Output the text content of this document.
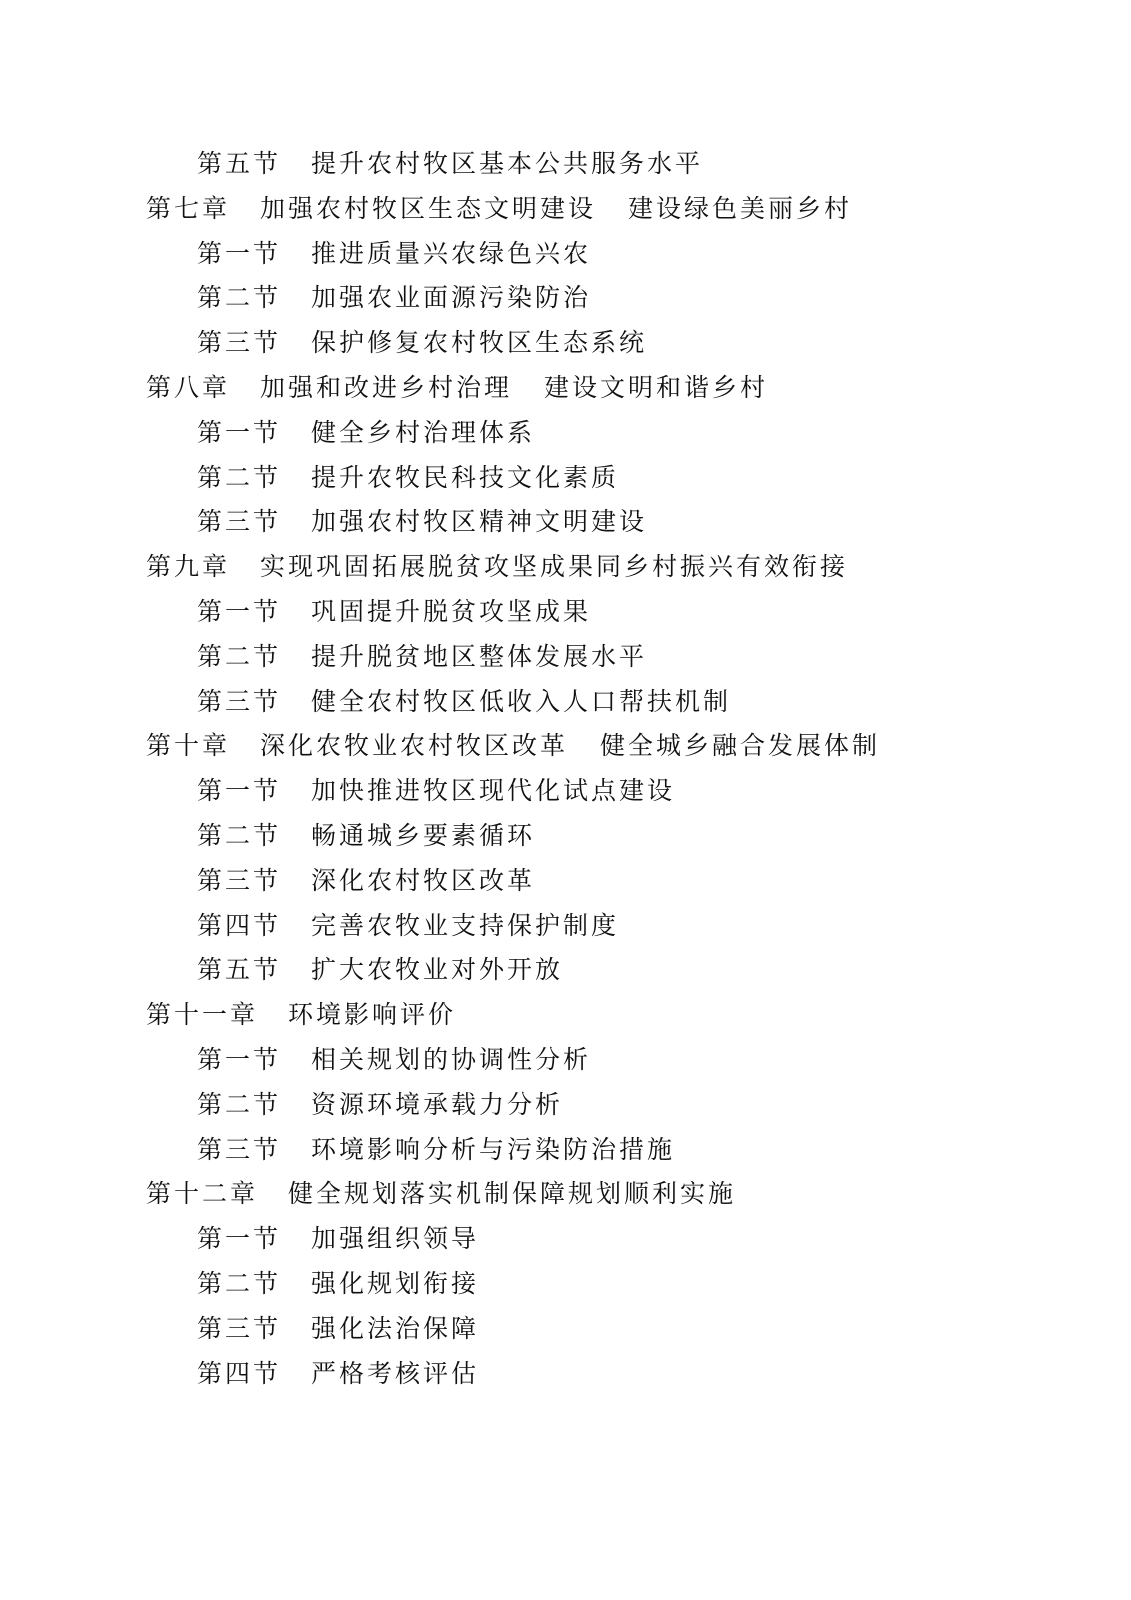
第五节 提升农村牧区基本公共服务水平
第七章 加强农村牧区生态文明建设 建设绿色美丽乡村
第一节 推进质量兴农绿色兴农
第二节 加强农业面源污染防治
第三节 保护修复农村牧区生态系统
第八章 加强和改进乡村治理 建设文明和谐乡村
第一节 健全乡村治理体系
第二节 提升农牧民科技文化素质
第三节 加强农村牧区精神文明建设
第九章 实现巩固拓展脱贫攻坚成果同乡村振兴有效衔接
第一节 巩固提升脱贫攻坚成果
第二节 提升脱贫地区整体发展水平
第三节 健全农村牧区低收入人口帮扶机制
第十章 深化农牧业农村牧区改革 健全城乡融合发展体制
第一节 加快推进牧区现代化试点建设
第二节 畅通城乡要素循环
第三节 深化农村牧区改革
第四节 完善农牧业支持保护制度
第五节 扩大农牧业对外开放
第十一章 环境影响评价
第一节 相关规划的协调性分析
第二节 资源环境承载力分析
第三节 环境影响分析与污染防治措施
第十二章 健全规划落实机制保障规划顺利实施
第一节 加强组织领导
第二节 强化规划衔接
第三节 强化法治保障
第四节 严格考核评估
